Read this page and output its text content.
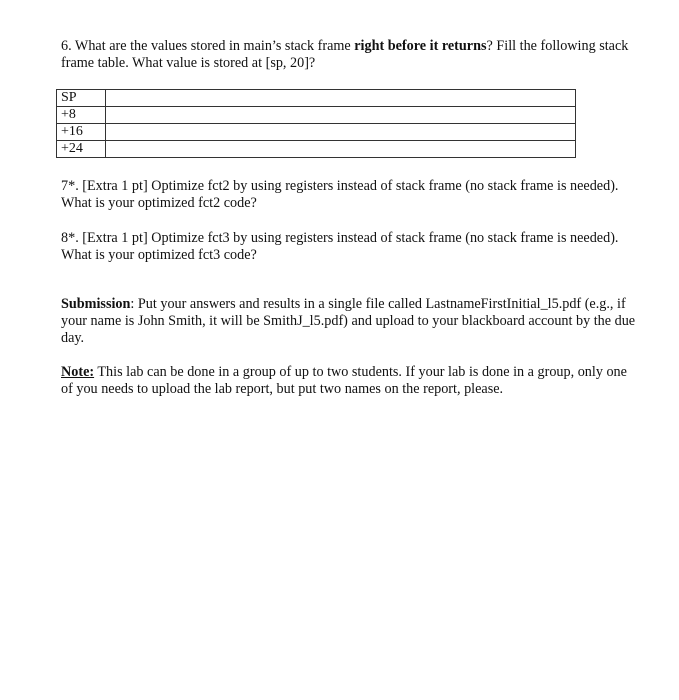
6. What are the values stored in main’s stack frame right before it returns? Fill the following stack frame table. What value is stored at [sp, 20]?

SP	
+8	
+16	
+24	

7*. [Extra 1 pt] Optimize fct2 by using registers instead of stack frame (no stack frame is needed). What is your optimized fct2 code?

8*. [Extra 1 pt] Optimize fct3 by using registers instead of stack frame (no stack frame is needed). What is your optimized fct3 code?

Submission: Put your answers and results in a single file called LastnameFirstInitial_l5.pdf (e.g., if your name is John Smith, it will be SmithJ_l5.pdf) and upload to your blackboard account by the due day.

Note: This lab can be done in a group of up to two students. If your lab is done in a group, only one of you needs to upload the lab report, but put two names on the report, please.
